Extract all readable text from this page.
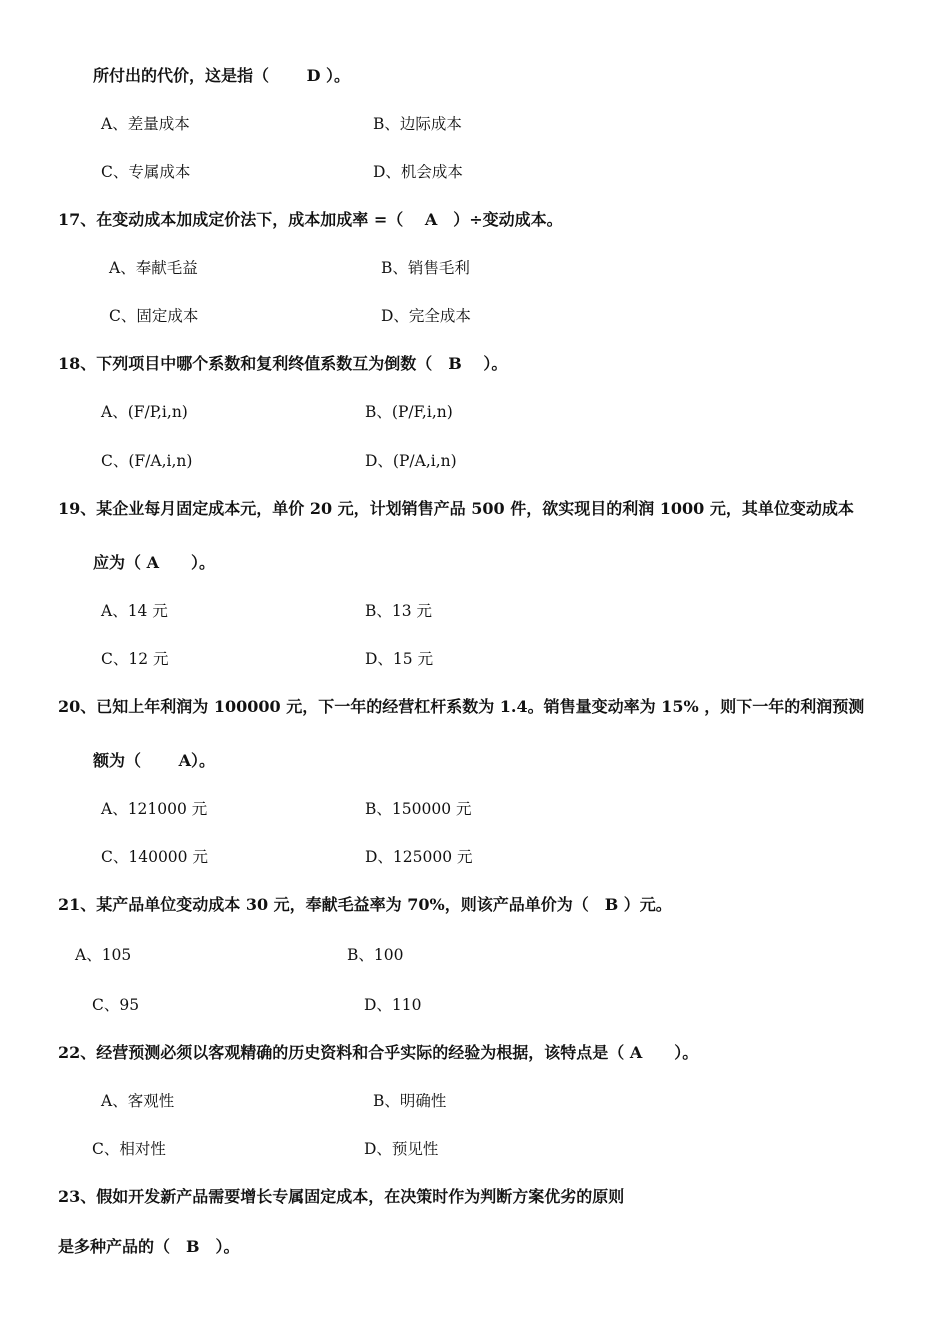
所付出的代价，这是指（　　 D ）。
A、差量成本	B、边际成本
C、专属成本	D、机会成本
17、在变动成本加成定价法下，成本加成率 =（　 A　）÷变动成本。
A、奉献毛益	B、销售毛利
C、固定成本	D、完全成本
18、下列项目中哪个系数和复利终值系数互为倒数（　B　 ）。
A、(F/P,i,n)	B、(P/F,i,n)
C、(F/A,i,n)	D、(P/A,i,n)
19、某企业每月固定成本元，单价 20 元，计划销售产品 500 件，欲实现目的利润 1000 元，其单位变动成本
应为（ A　　）。
A、14 元	B、13 元
C、12 元	D、15 元
20、已知上年利润为 100000 元，下一年的经营杠杆系数为 1.4。销售量变动率为 15% ，则下一年的利润预测
额为（　　 A）。
A、121000 元	B、150000 元
C、140000 元	D、125000 元
21、某产品单位变动成本 30 元，奉献毛益率为 70%，则该产品单价为（　B ）元。
A、105	B、100
C、95	D、110
22、经营预测必须以客观精确的历史资料和合乎实际的经验为根据，该特点是（ A　　）。
A、客观性	B、明确性
C、相对性	D、预见性
23、假如开发新产品需要增长专属固定成本，在决策时作为判断方案优劣的原则
是多种产品的（　B　）。
